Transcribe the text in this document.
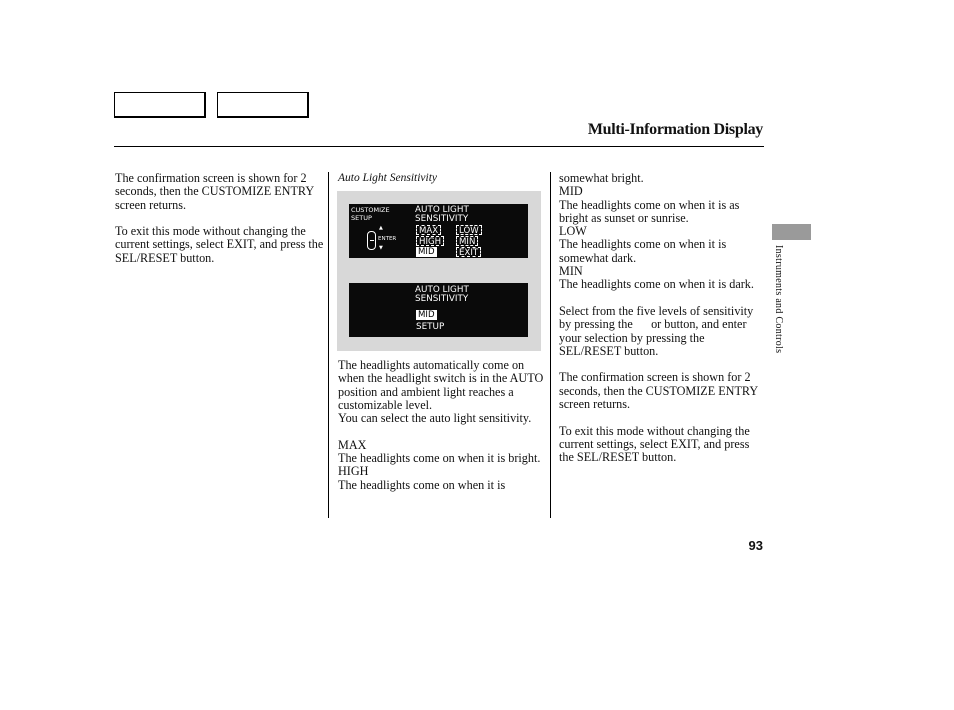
Multi-Information Display

The confirmation screen is shown for 2 seconds, then the CUSTOMIZE ENTRY screen returns.

To exit this mode without changing the current settings, select EXIT, and press the SEL/RESET button.

Auto Light Sensitivity
CUSTOMIZE
SETUP
▲
ENTER
▼
AUTO LIGHT
SENSITIVITY
MAX	LOW
HIGH	MIN
MID	EXIT
AUTO LIGHT
SENSITIVITY
MID
SETUP

The headlights automatically come on when the headlight switch is in the AUTO position and ambient light reaches a customizable level.

You can select the auto light sensitivity.

MAX

The headlights come on when it is bright.

HIGH

The headlights come on when it is

somewhat bright.

MID

The headlights come on when it is as bright as sunset or sunrise.

LOW

The headlights come on when it is somewhat dark.

MIN

The headlights come on when it is dark.

Select from the five levels of sensitivity by pressing the      or button, and enter your selection by pressing the SEL/RESET button.

The confirmation screen is shown for 2 seconds, then the CUSTOMIZE ENTRY screen returns.

To exit this mode without changing the current settings, select EXIT, and press the SEL/RESET button.

Instruments and Controls
93
